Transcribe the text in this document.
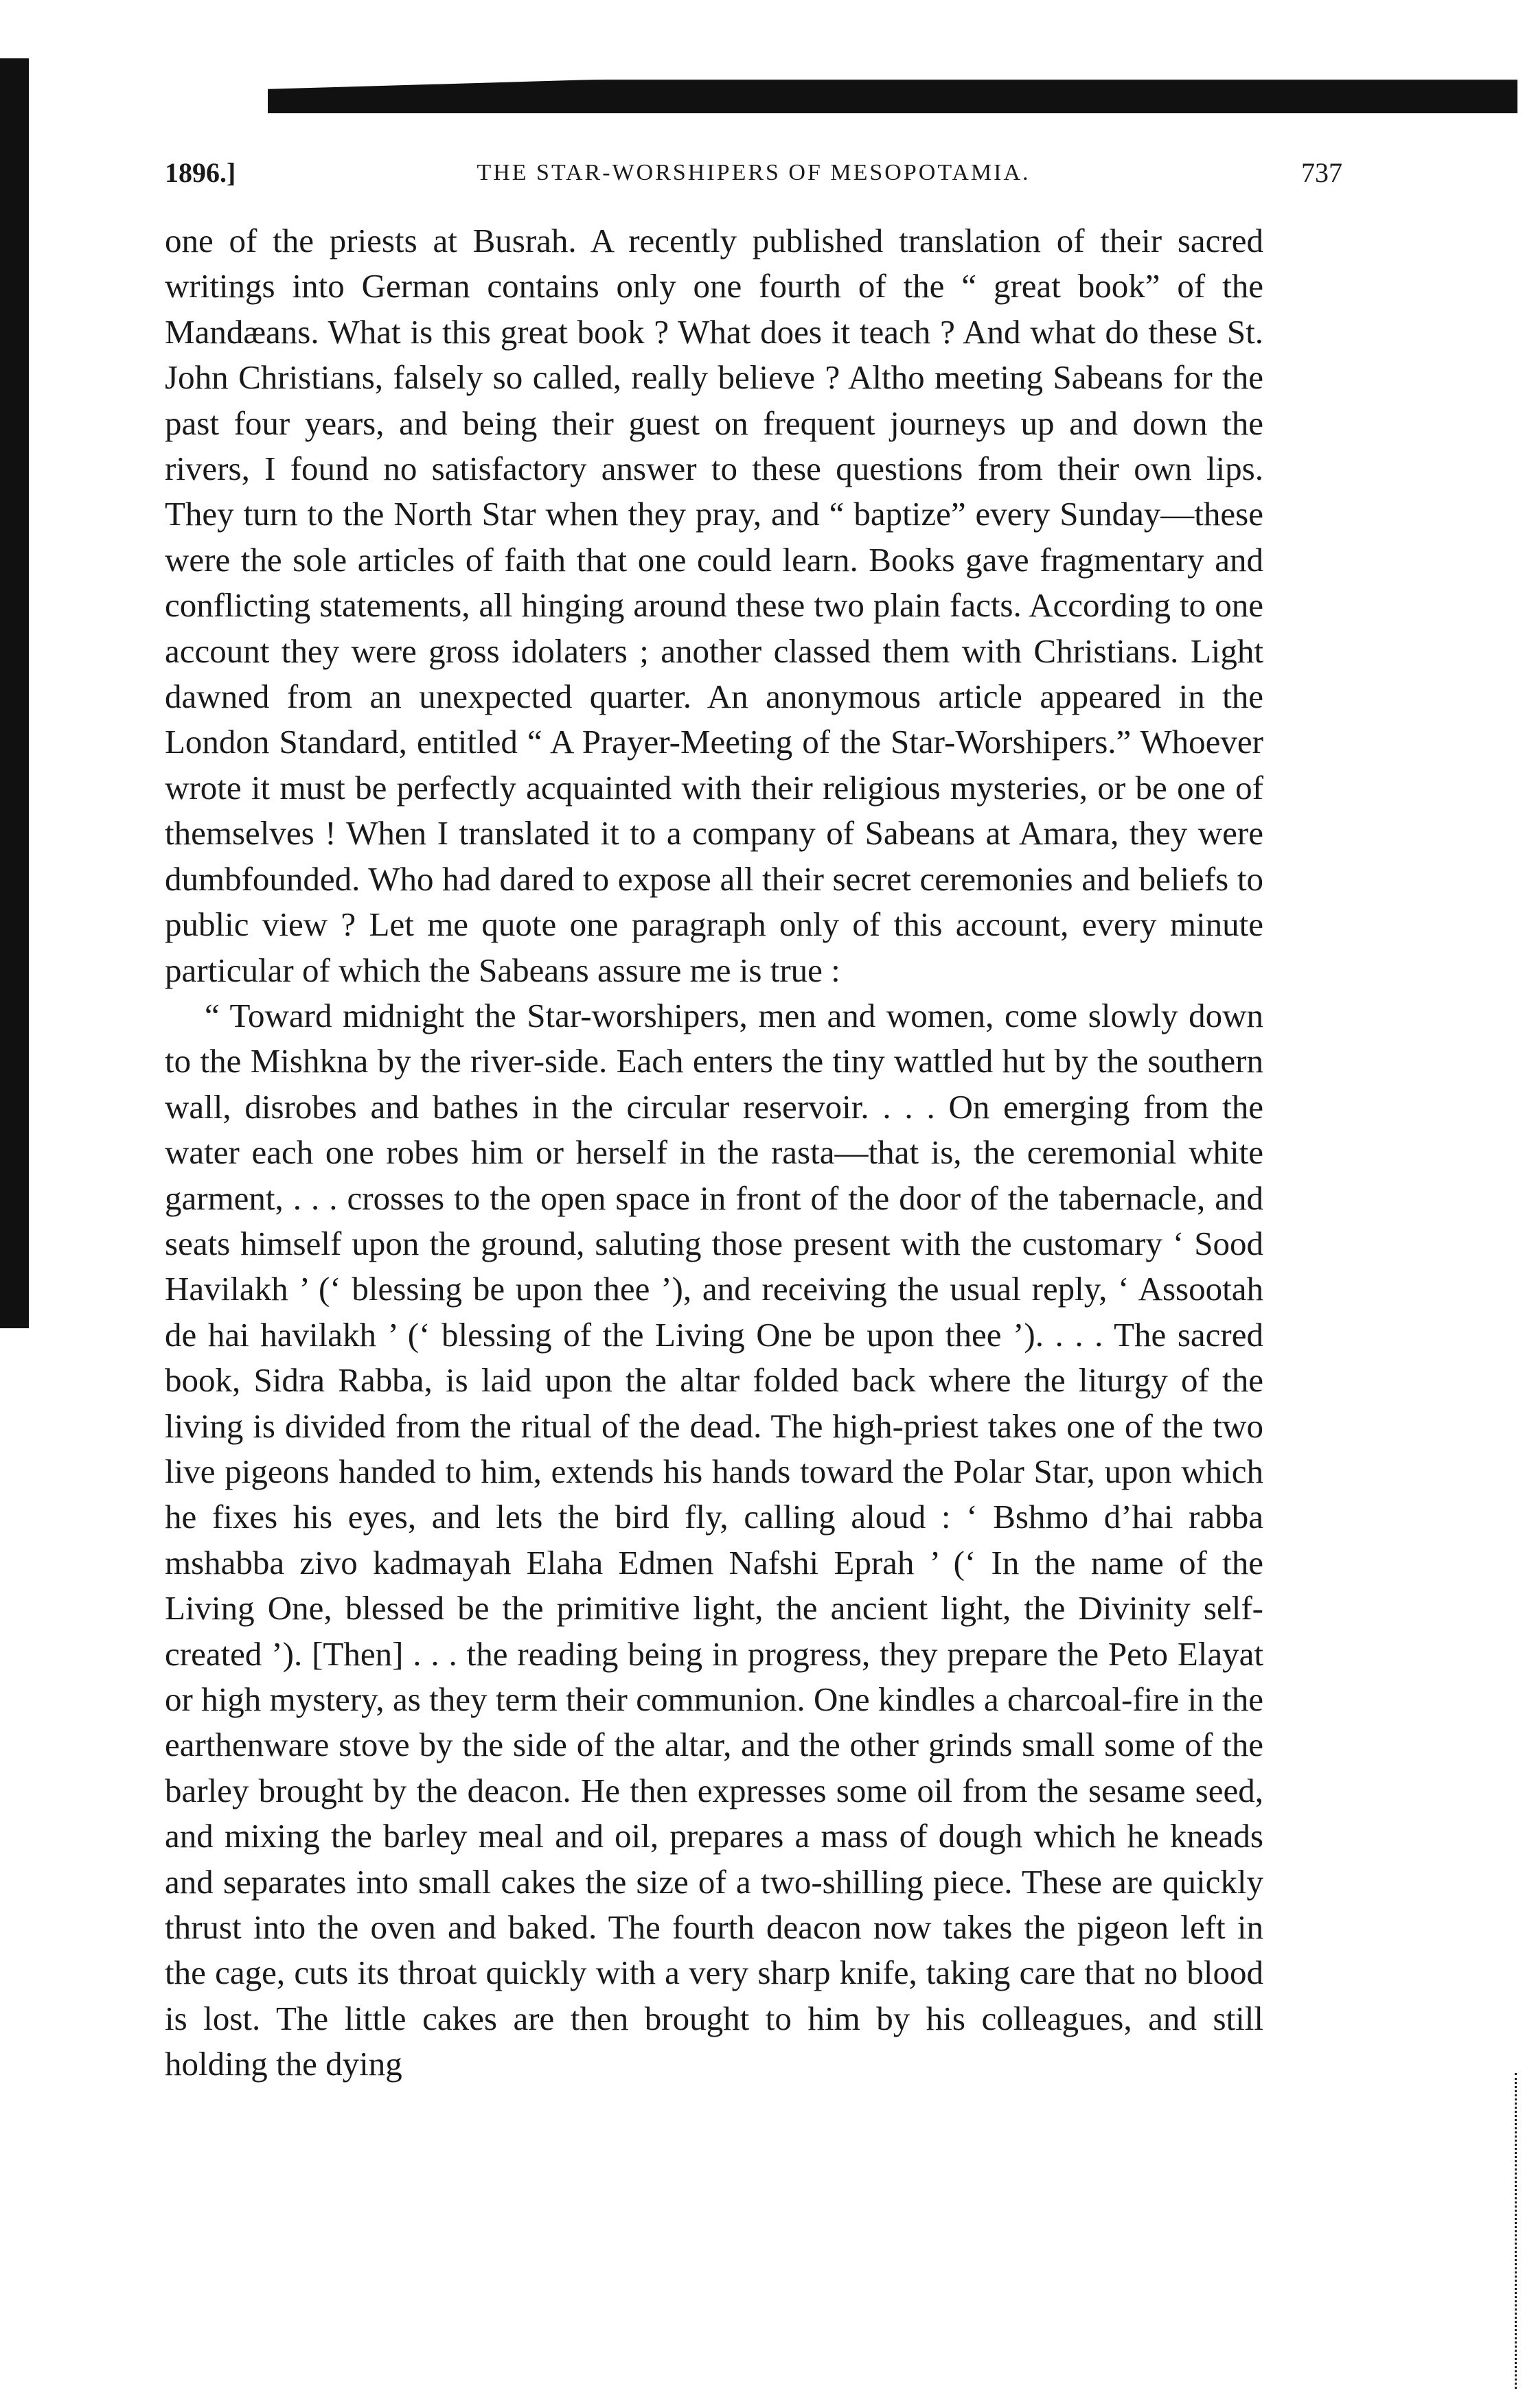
1896.]	THE STAR-WORSHIPERS OF MESOPOTAMIA.	737

one of the priests at Busrah. A recently published translation of their sacred writings into German contains only one fourth of the “ great book” of the Mandæans. What is this great book ? What does it teach ? And what do these St. John Christians, falsely so called, really believe ? Altho meeting Sabeans for the past four years, and being their guest on frequent journeys up and down the rivers, I found no satisfactory answer to these questions from their own lips. They turn to the North Star when they pray, and “ baptize” every Sunday—these were the sole articles of faith that one could learn. Books gave fragmentary and conflicting statements, all hinging around these two plain facts. According to one account they were gross idolaters ; another classed them with Christians. Light dawned from an unexpected quarter. An anonymous article appeared in the London Standard, entitled “ A Prayer-Meeting of the Star-Worshipers.” Whoever wrote it must be perfectly acquainted with their religious mysteries, or be one of themselves ! When I translated it to a company of Sabeans at Amara, they were dumbfounded. Who had dared to expose all their secret ceremonies and beliefs to public view ? Let me quote one paragraph only of this account, every minute particular of which the Sabeans assure me is true :

“ Toward midnight the Star-worshipers, men and women, come slowly down to the Mishkna by the river-side. Each enters the tiny wattled hut by the southern wall, disrobes and bathes in the circular reservoir. . . . On emerging from the water each one robes him or herself in the rasta—that is, the ceremonial white garment, . . . crosses to the open space in front of the door of the tabernacle, and seats himself upon the ground, saluting those present with the customary ‘ Sood Havilakh ’ (‘ blessing be upon thee ’), and receiving the usual reply, ‘ Assootah de hai havilakh ’ (‘ blessing of the Living One be upon thee ’). . . . The sacred book, Sidra Rabba, is laid upon the altar folded back where the liturgy of the living is divided from the ritual of the dead. The high-priest takes one of the two live pigeons handed to him, extends his hands toward the Polar Star, upon which he fixes his eyes, and lets the bird fly, calling aloud : ‘ Bshmo d’hai rabba mshabba zivo kadmayah Elaha Edmen Nafshi Eprah ’ (‘ In the name of the Living One, blessed be the primitive light, the ancient light, the Divinity self-created ’). [Then] . . . the reading being in progress, they prepare the Peto Elayat or high mystery, as they term their communion. One kindles a charcoal-fire in the earthenware stove by the side of the altar, and the other grinds small some of the barley brought by the deacon. He then expresses some oil from the sesame seed, and mixing the barley meal and oil, prepares a mass of dough which he kneads and separates into small cakes the size of a two-shilling piece. These are quickly thrust into the oven and baked. The fourth deacon now takes the pigeon left in the cage, cuts its throat quickly with a very sharp knife, taking care that no blood is lost. The little cakes are then brought to him by his colleagues, and still holding the dying
